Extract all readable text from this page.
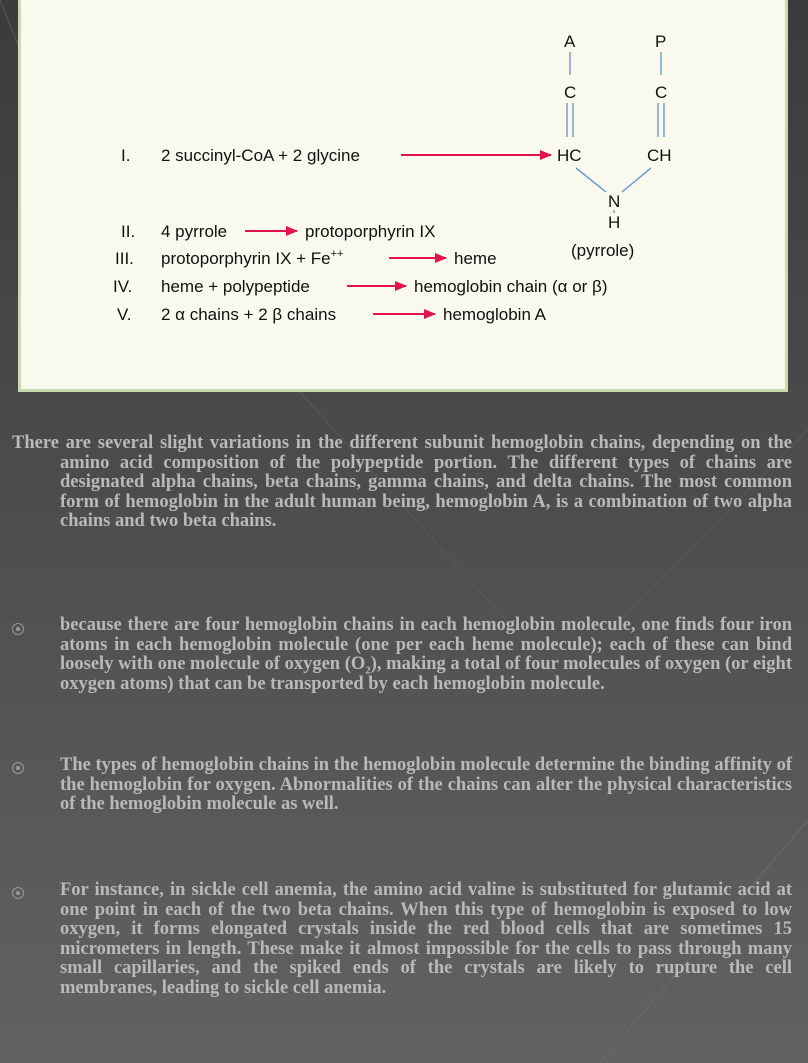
I. 2 succinyl-CoA + 2 glycine
A	P
C	C
HC	CH
N
H
(pyrrole)
II. 4 pyrrole	protoporphyrin IX
III. protoporphyrin IX + Fe++	heme
IV. heme + polypeptide	hemoglobin chain (α or β)
V. 2 α chains + 2 β chains	hemoglobin A

There are several slight variations in the different subunit hemoglobin chains, depending on the amino acid composition of the polypeptide portion. The different types of chains are designated alpha chains, beta chains, gamma chains, and delta chains. The most common form of hemoglobin in the adult human being, hemoglobin A, is a combination of two alpha chains and two beta chains.

because there are four hemoglobin chains in each hemoglobin molecule, one finds four iron atoms in each hemoglobin molecule (one per each heme molecule); each of these can bind loosely with one molecule of oxygen $(O_2)$, making a total of four molecules of oxygen (or eight oxygen atoms) that can be transported by each hemoglobin molecule.

The types of hemoglobin chains in the hemoglobin molecule determine the binding affinity of the hemoglobin for oxygen. Abnormalities of the chains can alter the physical characteristics of the hemoglobin molecule as well.

For instance, in sickle cell anemia, the amino acid valine is substituted for glutamic acid at one point in each of the two beta chains. When this type of hemoglobin is exposed to low oxygen, it forms elongated crystals inside the red blood cells that are sometimes 15 micrometers in length. These make it almost impossible for the cells to pass through many small capillaries, and the spiked ends of the crystals are likely to rupture the cell membranes, leading to sickle cell anemia.
